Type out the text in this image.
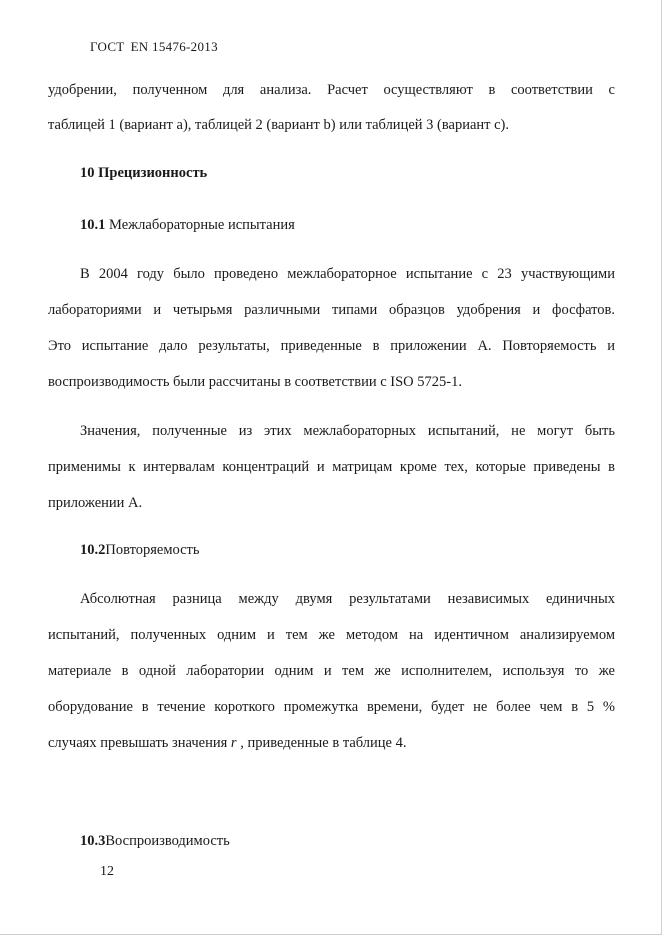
ГОСТ EN 15476-2013
удобрении, полученном для анализа. Расчет осуществляют в соответствии с
таблицей 1 (вариант а), таблицей 2 (вариант b) или таблицей 3 (вариант с).
10 Прецизионность
10.1 Межлабораторные испытания
В 2004 году было проведено межлабораторное испытание с 23 участвующими
лабораториями и четырьмя различными типами образцов удобрения и фосфатов.
Это испытание дало результаты, приведенные в приложении А. Повторяемость и
воспроизводимость были рассчитаны в соответствии с ISO 5725-1.
Значения, полученные из этих межлабораторных испытаний, не могут быть
применимы к интервалам концентраций и матрицам кроме тех, которые приведены в
приложении А.
10.2Повторяемость
Абсолютная разница между двумя результатами независимых единичных
испытаний, полученных одним и тем же методом на идентичном анализируемом
материале в одной лаборатории одним и тем же исполнителем, используя то же
оборудование в течение короткого промежутка времени, будет не более чем в 5 %
случаях превышать значения r , приведенные в таблице 4.
10.3Воспроизводимость
12
